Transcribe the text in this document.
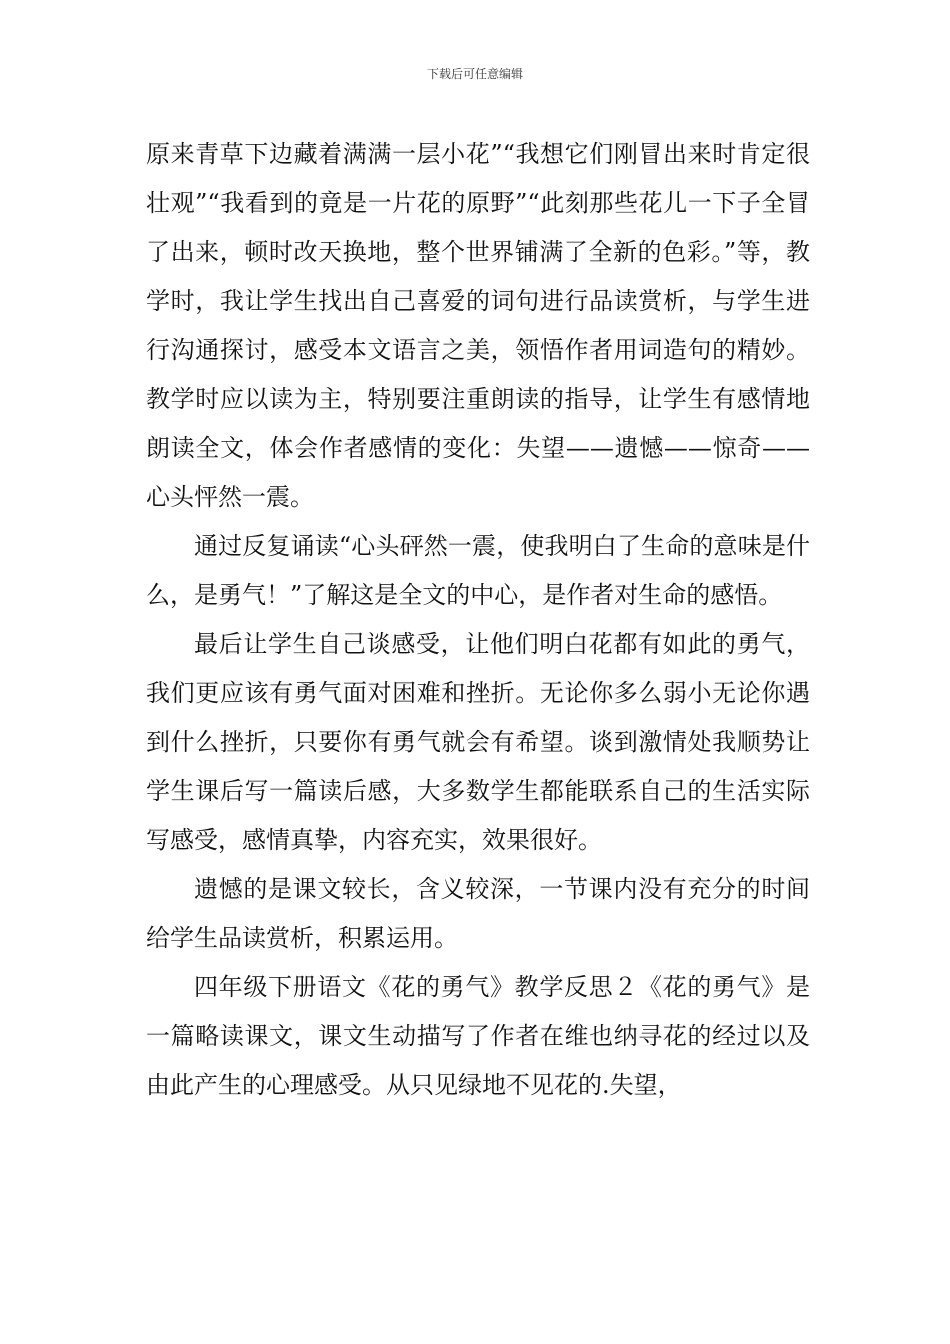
下载后可任意编辑

原来青草下边藏着满满一层小花”“我想它们刚冒出来时肯定很壮观”“我看到的竟是一片花的原野”“此刻那些花儿一下子全冒了出来，顿时改天换地，整个世界铺满了全新的色彩。”等，教学时，我让学生找出自己喜爱的词句进行品读赏析，与学生进行沟通探讨，感受本文语言之美，领悟作者用词造句的精妙。教学时应以读为主，特别要注重朗读的指导，让学生有感情地朗读全文，体会作者感情的变化：失望——遗憾——惊奇——心头怦然一震。

通过反复诵读“心头砰然一震，使我明白了生命的意味是什么，是勇气！”了解这是全文的中心，是作者对生命的感悟。

最后让学生自己谈感受，让他们明白花都有如此的勇气，我们更应该有勇气面对困难和挫折。无论你多么弱小无论你遇到什么挫折，只要你有勇气就会有希望。谈到激情处我顺势让学生课后写一篇读后感，大多数学生都能联系自己的生活实际写感受，感情真挚，内容充实，效果很好。

遗憾的是课文较长，含义较深，一节课内没有充分的时间给学生品读赏析，积累运用。

四年级下册语文《花的勇气》教学反思２《花的勇气》是一篇略读课文，课文生动描写了作者在维也纳寻花的经过以及由此产生的心理感受。从只见绿地不见花的.失望，
